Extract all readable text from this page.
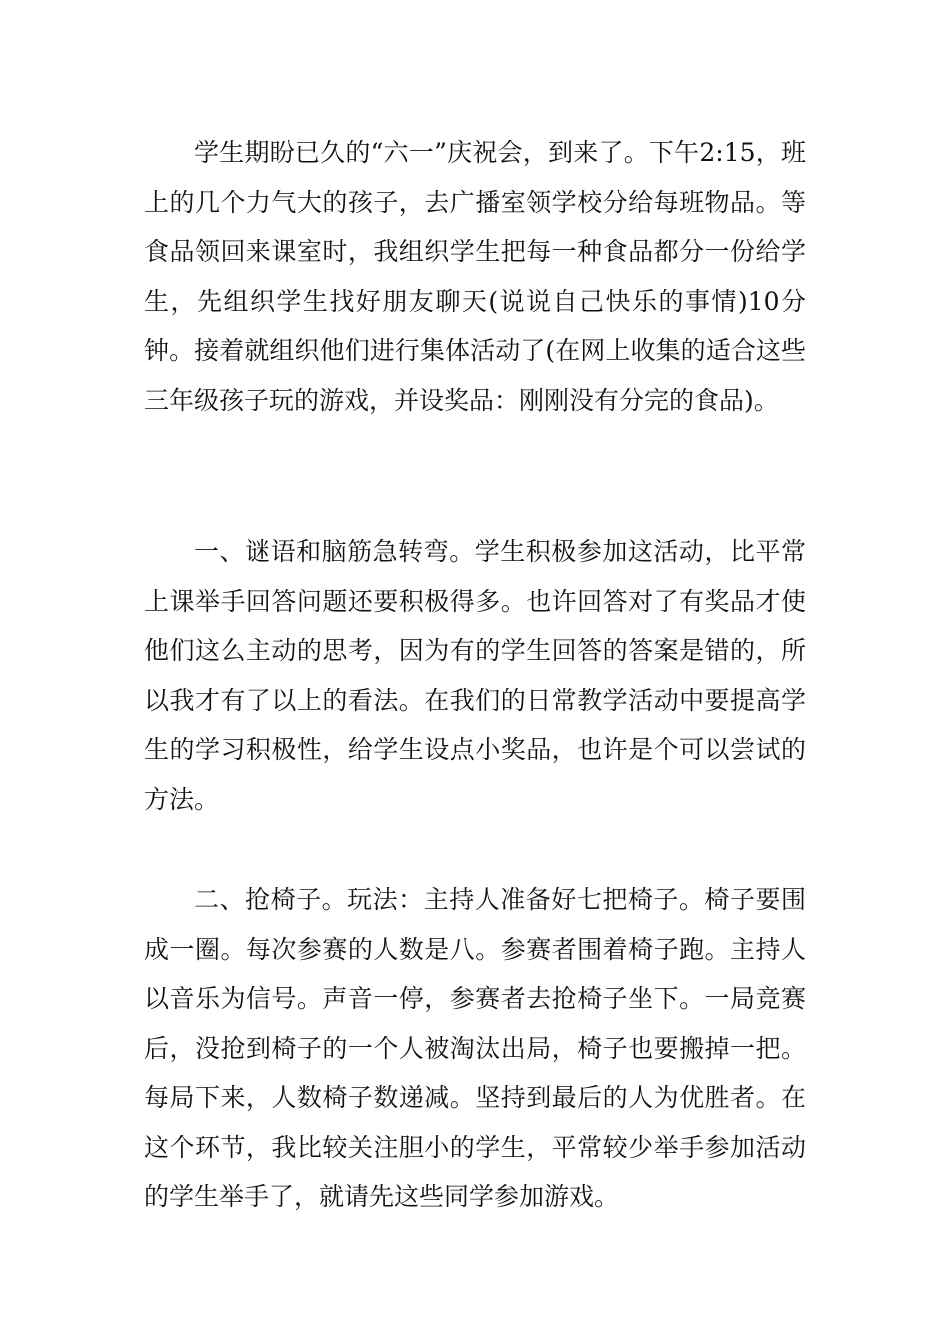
学生期盼已久的“六一”庆祝会，到来了。下午2:15，班上的几个力气大的孩子，去广播室领学校分给每班物品。等食品领回来课室时，我组织学生把每一种食品都分一份给学生，先组织学生找好朋友聊天(说说自己快乐的事情)10分钟。接着就组织他们进行集体活动了(在网上收集的适合这些三年级孩子玩的游戏，并设奖品：刚刚没有分完的食品)。

一、谜语和脑筋急转弯。学生积极参加这活动，比平常上课举手回答问题还要积极得多。也许回答对了有奖品才使他们这么主动的思考，因为有的学生回答的答案是错的，所以我才有了以上的看法。在我们的日常教学活动中要提高学生的学习积极性，给学生设点小奖品，也许是个可以尝试的方法。

二、抢椅子。玩法：主持人准备好七把椅子。椅子要围成一圈。每次参赛的人数是八。参赛者围着椅子跑。主持人以音乐为信号。声音一停，参赛者去抢椅子坐下。一局竞赛后，没抢到椅子的一个人被淘汰出局，椅子也要搬掉一把。每局下来，人数椅子数递减。坚持到最后的人为优胜者。在这个环节，我比较关注胆小的学生，平常较少举手参加活动的学生举手了，就请先这些同学参加游戏。
